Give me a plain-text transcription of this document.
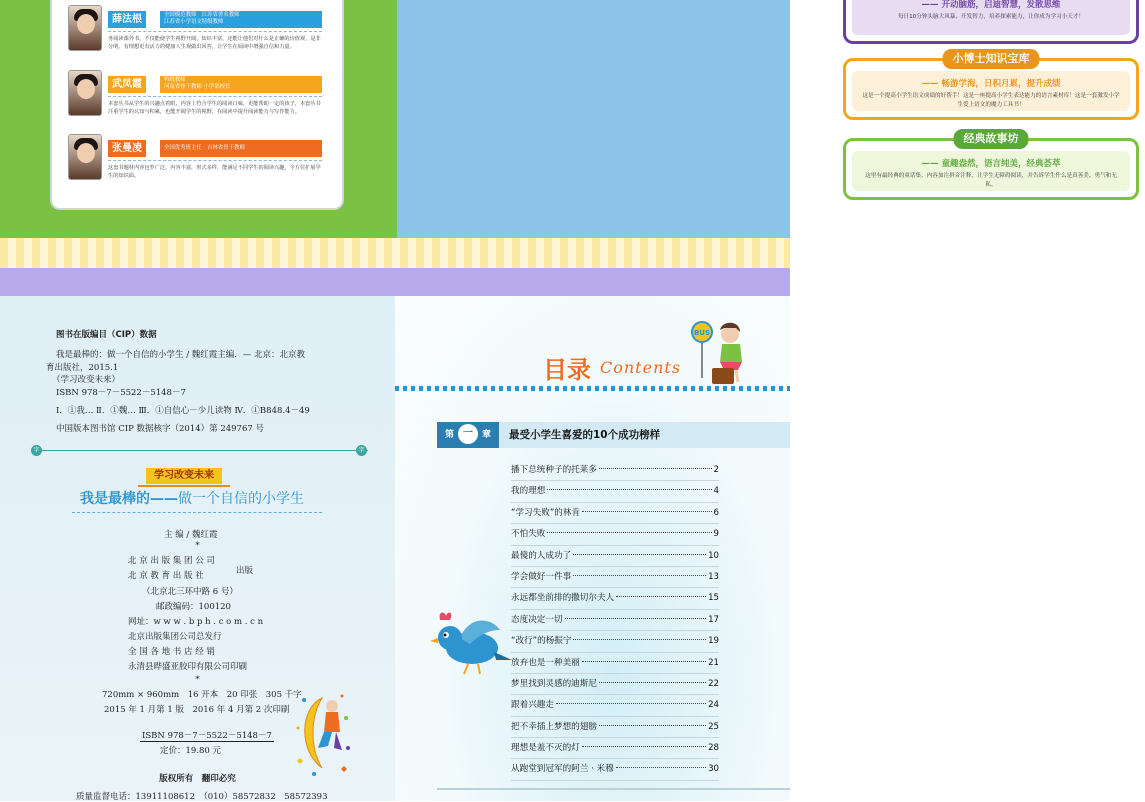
薛法根	全国模范教师　江苏省著名教师
江苏省小学语文特级教师
务阅读课外书，不仅能使学生视野开阔、知识丰富，还能让他们对什么是正确的价值观、是非分明、有理想更有活力的健康人生观做出回答，让学生在阅读中增强自信和力量。
武凤霞	特级教师
河南省骨干教师 小学部校长
本套丛书从学生的兴趣点着眼，内容上符合学生的阅读口味，更能帮助一定的孩子，本套丛书注重学生的认知与积累，也能开阔学生的视野，在阅读中提升阅读能力与写作能力。
张曼凌	全国优秀班主任　吉林省骨干教师
这套书题材内容包罗广泛，内容丰富，形式多样，能满足不同学生的阅读兴趣，全方位扩展学生的知识面。
—— 开动脑筋，启迪智慧，发散思维
每日10分钟头脑大风暴、开发智力，培养探索能力，让你成为学习小天才！
小博士知识宝库
—— 畅游学海，日积月累，提升成绩
这是一个提高小学生语文成绩的好帮手！这是一座提高小学生表达能力的语言素材库！这是一套激发小学生爱上语文的魔力工具书！
经典故事坊
—— 童趣盎然，语言纯美，经典荟萃
这里有最经典的童话集、内容加注拼音注释，让学生无障碍阅读，并告诉学生什么是真善美、勇气和无私。
图书在版编目（CIP）数据
我是最棒的：做一个自信的小学生 / 魏红霞主编．— 北京：北京教
育出版社，2015.1
（学习改变未来）
ISBN 978－7－5522－5148－7
Ⅰ．①我… Ⅱ．①魏… Ⅲ．①自信心－少儿读物 Ⅳ．①B848.4－49
中国版本图书馆 CIP 数据核字（2014）第 249767 号
字	字
学习改变未来
我是最棒的——做一个自信的小学生
主 编 / 魏红霞
*
北 京 出 版 集 团 公 司
北 京 教 育 出 版 社	出版
（北京北三环中路 6 号）
邮政编码：100120
网址：w w w . b p h . c o m . c n
北京出版集团公司总发行
全 国 各 地 书 店 经 销
永清县晔盛亚胶印有限公司印刷
*
720mm × 960mm　16 开本　20 印张　305 千字
2015 年 1 月第 1 版　2016 年 4 月第 2 次印刷
ISBN 978－7－5522－5148－7
定价：19.80 元
版权所有　翻印必究
质量监督电话：13911108612　（010）58572832　58572393
目录 Contents
第 一 章	最受小学生喜爱的10个成功榜样
播下总统种子的托莱多	2
我的理想	4
“学习失败”的林肯	6
不怕失败	9
最傻的人成功了	10
学会做好一件事	13
永远都坐前排的撒切尔夫人	15
态度决定一切	17
“改行”的杨振宁	19
放弃也是一种美丽	21
梦里找到灵感的迪斯尼	22
跟着兴趣走	24
把不幸插上梦想的翅膀	25
理想是羞不灭的灯	28
从跑堂到冠军的阿兰 · 米穆	30
BUS
